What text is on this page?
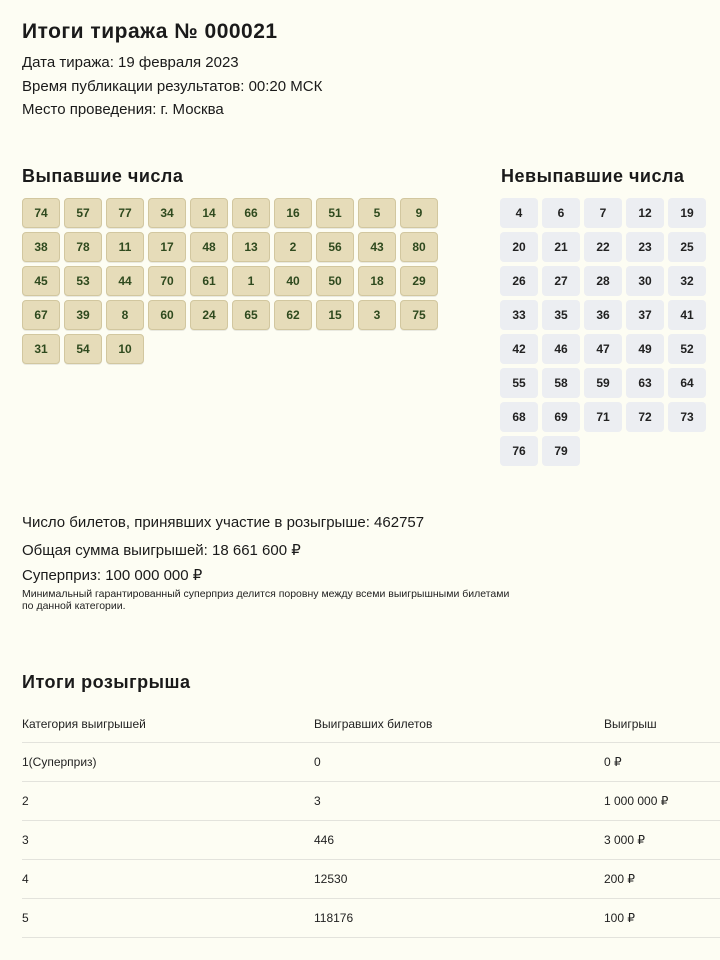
Итоги тиража № 000021
Дата тиража: 19 февраля 2023
Время публикации результатов: 00:20 МСК
Место проведения: г. Москва
Выпавшие числа	Невыпавшие числа
74	57	77	34	14	66	16	51	5	9
38	78	11	17	48	13	2	56	43	80
45	53	44	70	61	1	40	50	18	29
67	39	8	60	24	65	62	15	3	75
31	54	10
4	6	7	12	19
20	21	22	23	25
26	27	28	30	32
33	35	36	37	41
42	46	47	49	52
55	58	59	63	64
68	69	71	72	73
76	79
Число билетов, принявших участие в розыгрыше: 462757
Общая сумма выигрышей: 18 661 600 ₽
Суперприз: 100 000 000 ₽
Минимальный гарантированный суперприз делится поровну между всеми выигрышными билетами по данной категории.
Итоги розыгрыша
Категория выигрышей	Выигравших билетов	Выигрыш
1(Суперприз)	0	0 ₽
2	3	1 000 000 ₽
3	446	3 000 ₽
4	12530	200 ₽
5	118176	100 ₽
